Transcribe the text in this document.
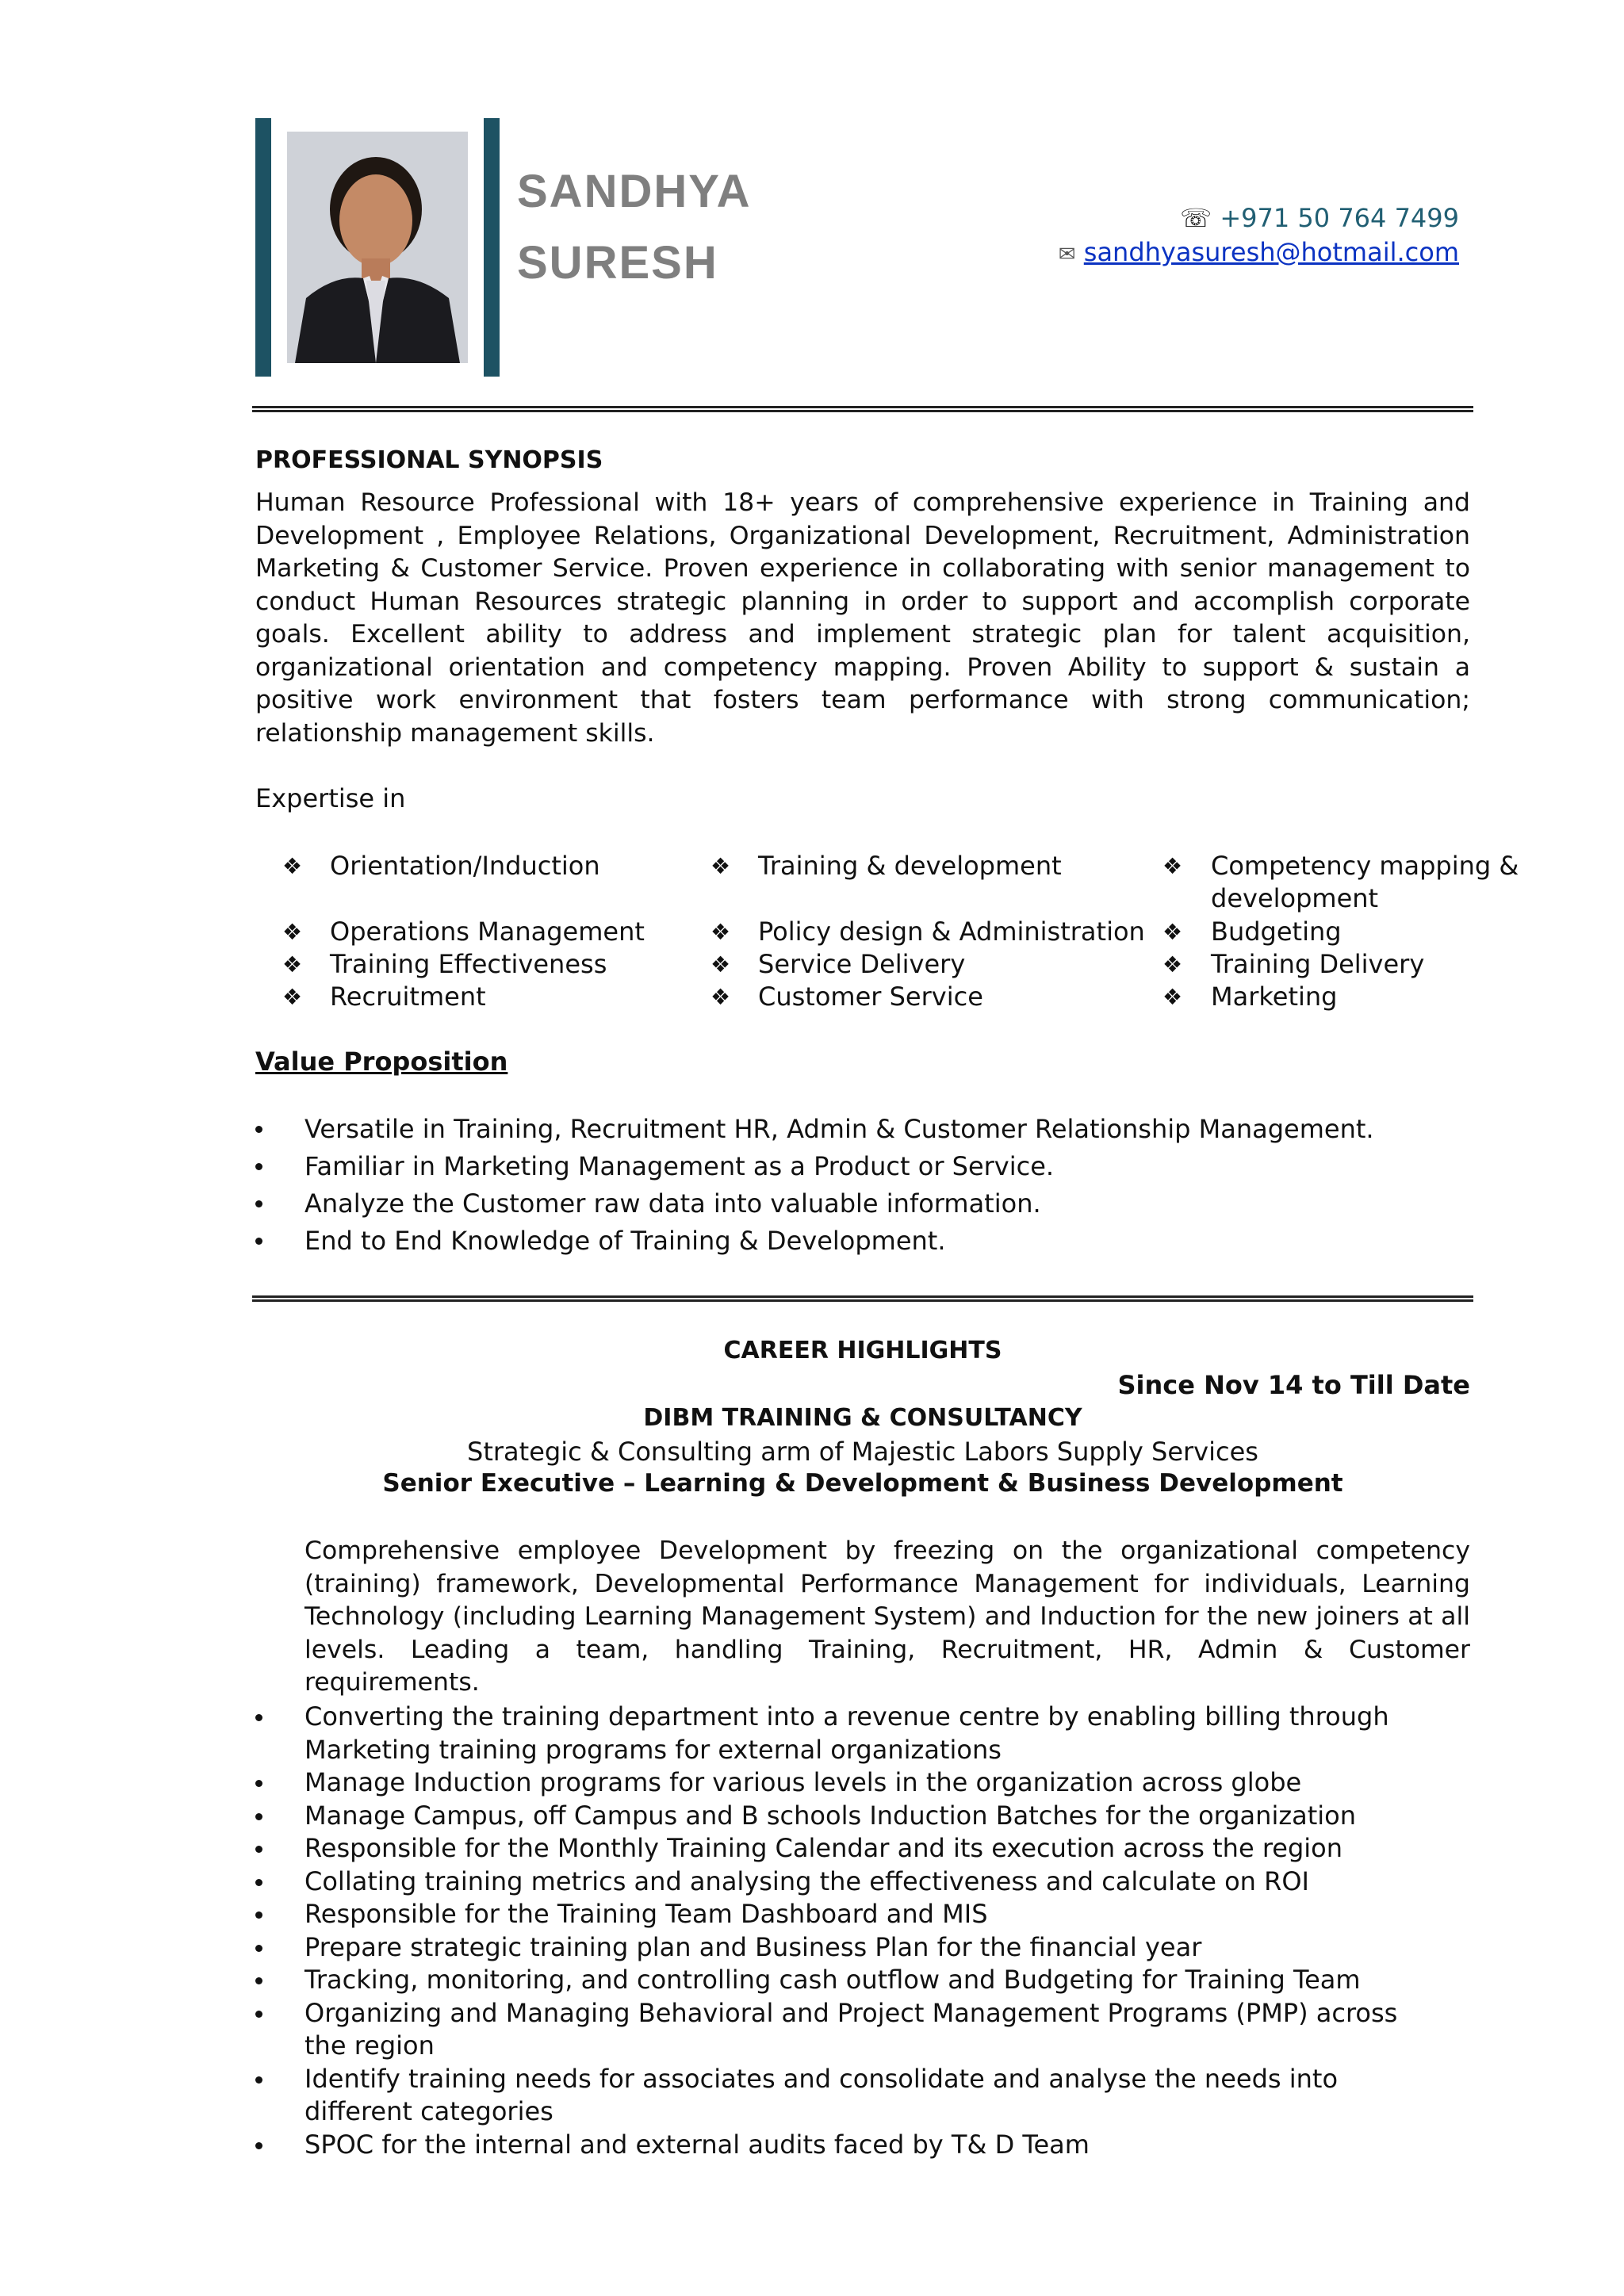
SANDHYA
SURESH
☏ +971 50 764 7499
✉ sandhyasuresh@hotmail.com
PROFESSIONAL SYNOPSIS
Human Resource Professional with 18+ years of comprehensive experience in Training and Development , Employee Relations, Organizational Development, Recruitment, Administration Marketing & Customer Service. Proven experience in collaborating with senior management to conduct Human Resources strategic planning in order to support and accomplish corporate goals. Excellent ability to address and implement strategic plan for talent acquisition, organizational orientation and competency mapping. Proven Ability to support & sustain a positive work environment that fosters team performance with strong communication; relationship management skills.
Expertise in
❖ Orientation/Induction
❖ Operations Management
❖ Training Effectiveness
❖ Recruitment
❖ Training & development
❖ Policy design & Administration
❖ Service Delivery
❖ Customer Service
❖ Competency mapping &
development
❖ Budgeting
❖ Training Delivery
❖ Marketing
Value Proposition
Versatile in Training, Recruitment HR, Admin & Customer Relationship Management.
Familiar in Marketing Management as a Product or Service.
Analyze the Customer raw data into valuable information.
End to End Knowledge of Training & Development.
CAREER HIGHLIGHTS
Since Nov 14 to Till Date
DIBM TRAINING & CONSULTANCY
Strategic & Consulting arm of Majestic Labors Supply Services
Senior Executive – Learning & Development & Business Development
Comprehensive employee Development by freezing on the organizational competency (training) framework, Developmental Performance Management for individuals, Learning Technology (including Learning Management System) and Induction for the new joiners at all levels. Leading a team, handling Training, Recruitment, HR, Admin & Customer requirements.
Converting the training department into a revenue centre by enabling billing through Marketing training programs for external organizations
Manage Induction programs for various levels in the organization across globe
Manage Campus, off Campus and B schools Induction Batches for the organization
Responsible for the Monthly Training Calendar and its execution across the region
Collating training metrics and analysing the effectiveness and calculate on ROI
Responsible for the Training Team Dashboard and MIS
Prepare strategic training plan and Business Plan for the financial year
Tracking, monitoring, and controlling cash outflow and Budgeting for Training Team
Organizing and Managing Behavioral and Project Management Programs (PMP) across the region
Identify training needs for associates and consolidate and analyse the needs into different categories
SPOC for the internal and external audits faced by T& D Team
